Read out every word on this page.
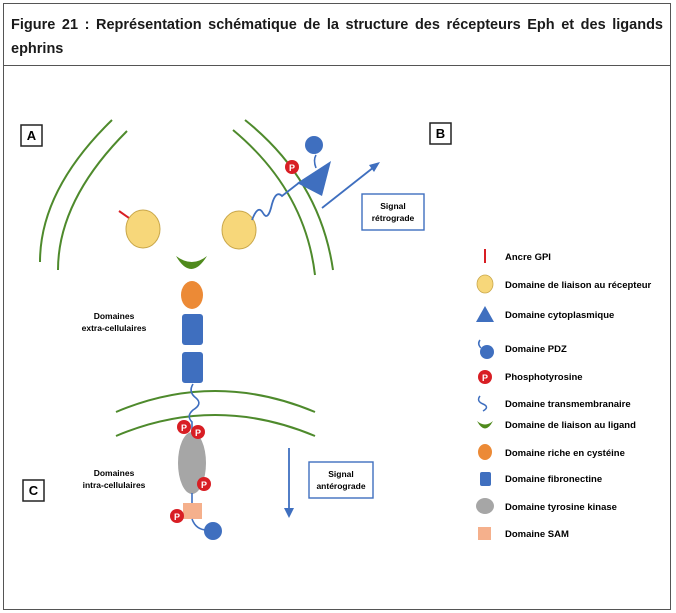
Figure 21 : Représentation schématique de la structure des récepteurs Eph et des ligands ephrins
A	B
C
P
Signal
rétrograde
P P
P
P
Domaines
extra-cellulaires
Domaines
intra-cellulaires
Signal
antérograde
P
Ancre GPI
Domaine de liaison au récepteur
Domaine cytoplasmique
Domaine PDZ
Phosphotyrosine
Domaine transmembranaire
Domaine de liaison au ligand
Domaine riche en cystéine
Domaine fibronectine
Domaine tyrosine kinase
Domaine SAM
